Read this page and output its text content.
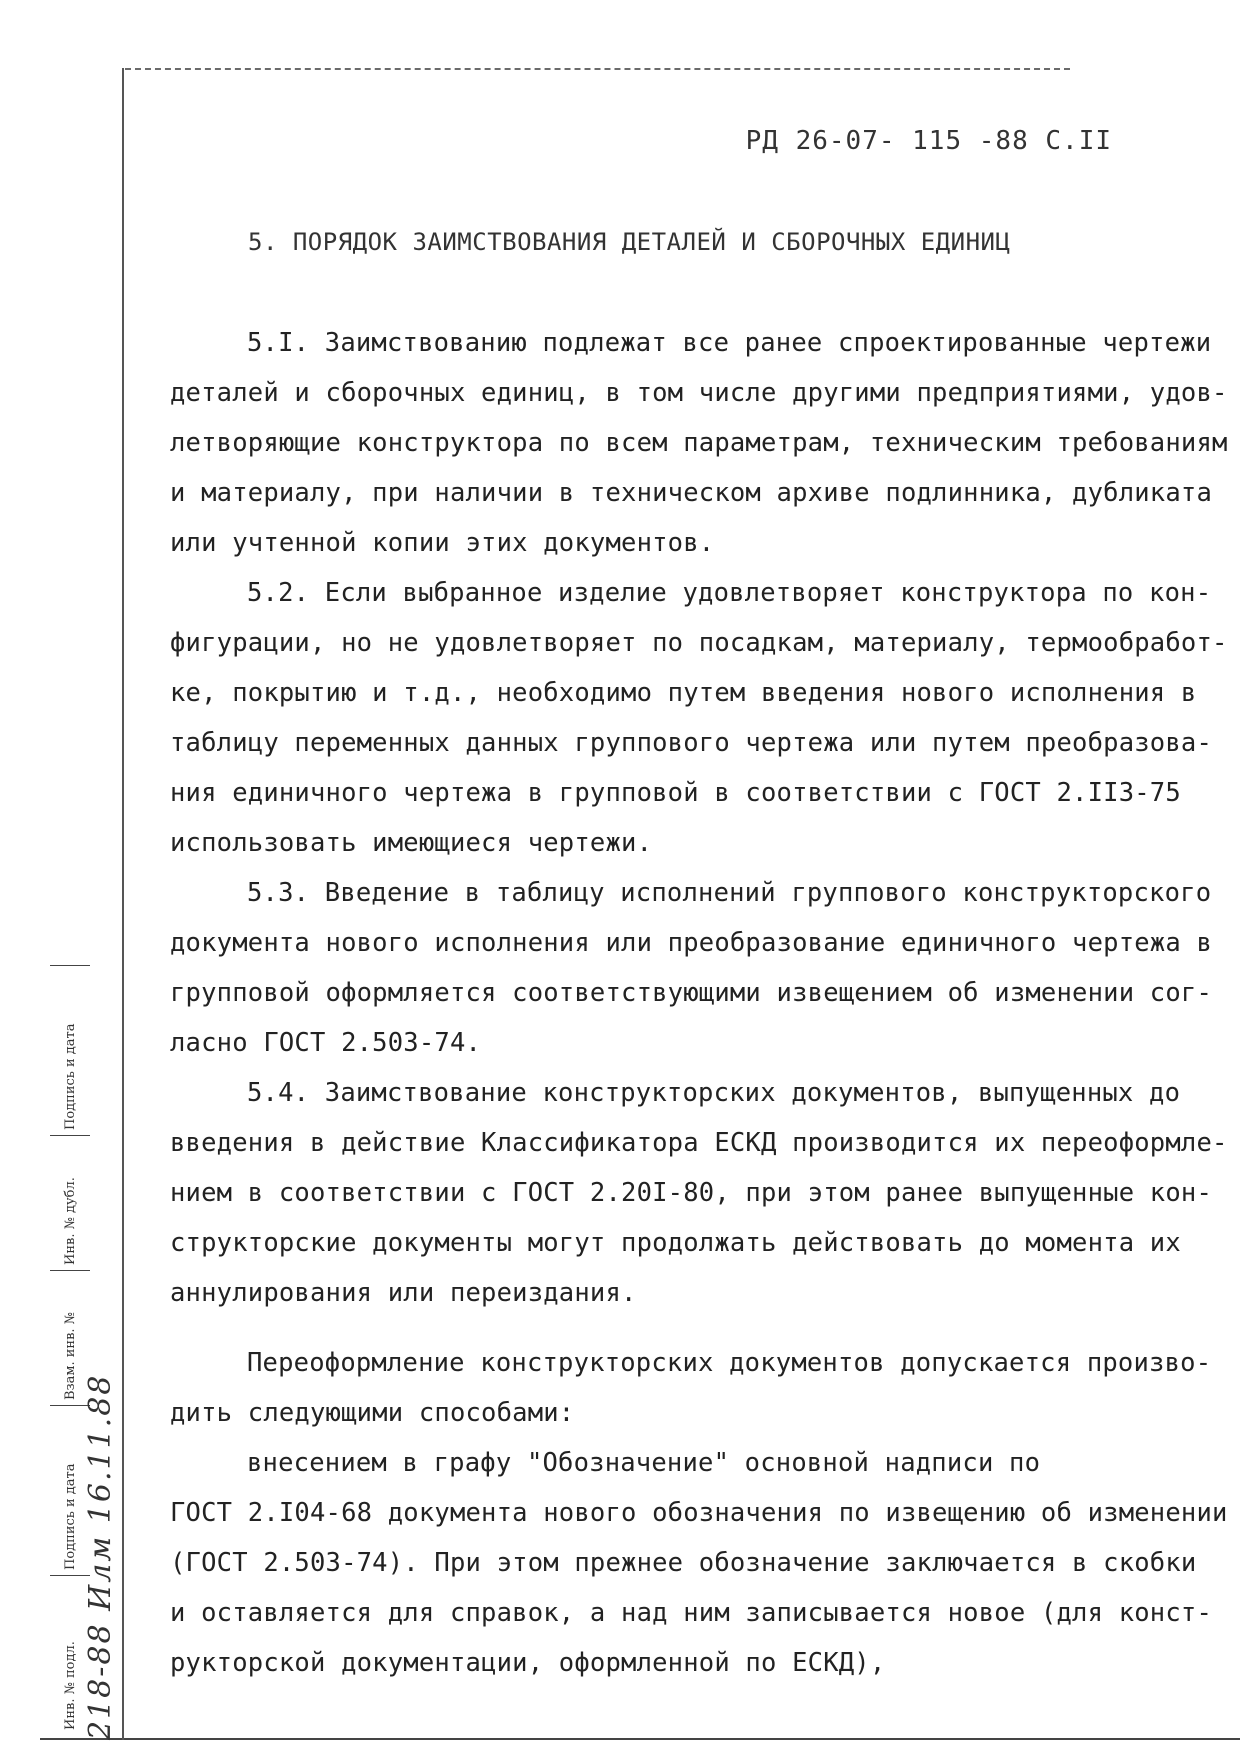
РД 26-07- 115 -88 С.II
5. ПОРЯДОК ЗАИМСТВОВАНИЯ ДЕТАЛЕЙ И СБОРОЧНЫХ ЕДИНИЦ
5.I. Заимствованию подлежат все ранее спроектированные чертежи
деталей и сборочных единиц, в том числе другими предприятиями, удов-
летворяющие конструктора по всем параметрам, техническим требованиям
и материалу, при наличии в техническом архиве подлинника, дубликата
или учтенной копии этих документов.
5.2. Если выбранное изделие удовлетворяет конструктора по кон-
фигурации, но не удовлетворяет по посадкам, материалу, термообработ-
ке, покрытию и т.д., необходимо путем введения нового исполнения в
таблицу переменных данных группового чертежа или путем преобразова-
ния единичного чертежа в групповой в соответствии с ГОСТ 2.II3-75
использовать имеющиеся чертежи.
5.3. Введение в таблицу исполнений группового конструкторского
документа нового исполнения или преобразование единичного чертежа в
групповой оформляется соответствующими извещением об изменении сог-
ласно ГОСТ 2.503-74.
5.4. Заимствование конструкторских документов, выпущенных до
введения в действие Классификатора ЕСКД производится их переоформле-
нием в соответствии с ГОСТ 2.20I-80, при этом ранее выпущенные кон-
структорские документы могут продолжать действовать до момента их
аннулирования или переиздания.
Переоформление конструкторских документов допускается произво-
дить следующими способами:
внесением в графу "Обозначение" основной надписи по
ГОСТ 2.I04-68 документа нового обозначения по извещению об изменении
(ГОСТ 2.503-74). При этом прежнее обозначение заключается в скобки
и оставляется для справок, а над ним записывается новое (для конст-
рукторской документации, оформленной по ЕСКД),
Подпись и дата
Инв. № дубл.
Взам. инв. №
Подпись и дата
Инв. № подл. 218-88 Илм 16.11.88
